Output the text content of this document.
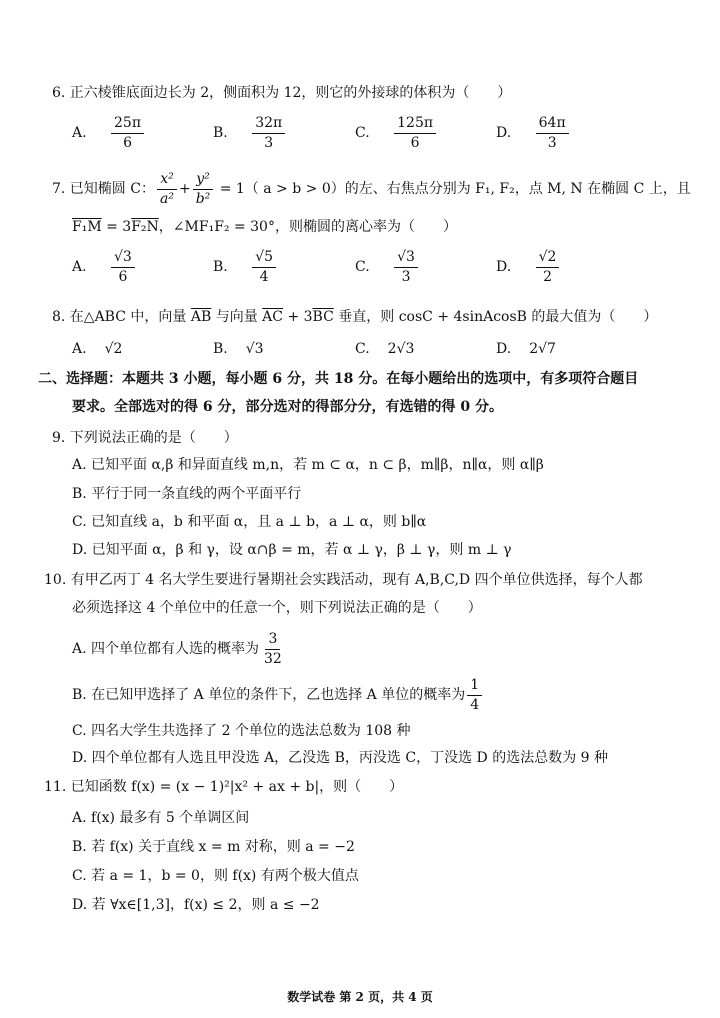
6. 正六棱锥底面边长为 2，侧面积为 12，则它的外接球的体积为（　　）
A. $\frac{25\pi}{6}$	B. $\frac{32\pi}{3}$	C. $\frac{125\pi}{6}$	D. $\frac{64\pi}{3}$
7. 已知椭圆 C： $\frac{\text{x²}}{\text{a²}} + \frac{\text{y²}}{\text{b²}} = 1$（ a > b > 0）的左、右焦点分别为 F₁, F₂，点 M, N 在椭圆 C 上，且
F₁M = 3F₂N，∠MF₁F₂ = 30°，则椭圆的离心率为（　　）
A. $\frac{√3}{6}$	B. $\frac{√5}{4}$	C. $\frac{√3}{3}$	D. $\frac{√2}{2}$
8. 在△ABC 中，向量 $\overline{AB}$ 与向量 $\overline{AC} + 3\overline{BC}$ 垂直，则 cosC + 4sinAcosB 的最大值为（　　）
A. √2	B. √3	C. 2√3	D. 2√7
二、选择题：本题共 3 小题，每小题 6 分，共 18 分。在每小题给出的选项中，有多项符合题目
要求。全部选对的得 6 分，部分选对的得部分分，有选错的得 0 分。
9. 下列说法正确的是（　　）
A. 已知平面 α,β 和异面直线 m,n，若 m ⊂ α，n ⊂ β，m∥β，n∥α，则 α∥β
B. 平行于同一条直线的两个平面平行
C. 已知直线 a，b 和平面 α，且 a ⊥ b，a ⊥ α，则 b∥α
D. 已知平面 α，β 和 γ，设 α∩β = m，若 α ⊥ γ，β ⊥ γ，则 m ⊥ γ
10. 有甲乙丙丁 4 名大学生要进行暑期社会实践活动，现有 A,B,C,D 四个单位供选择，每个人都
必须选择这 4 个单位中的任意一个，则下列说法正确的是（　　）
A. 四个单位都有人选的概率为 $\frac{3}{32}$
B. 在已知甲选择了 A 单位的条件下，乙也选择 A 单位的概率为 $\frac{1}{4}$
C. 四名大学生共选择了 2 个单位的选法总数为 108 种
D. 四个单位都有人选且甲没选 A，乙没选 B，丙没选 C，丁没选 D 的选法总数为 9 种
11. 已知函数 f(x) = (x − 1)²|x² + ax + b|，则（　　）
A. f(x) 最多有 5 个单调区间
B. 若 f(x) 关于直线 x = m 对称，则 a = −2
C. 若 a = 1，b = 0，则 f(x) 有两个极大值点
D. 若 ∀x∈[1,3]，f(x) ≤ 2，则 a ≤ −2
数学试卷 第 2 页，共 4 页
